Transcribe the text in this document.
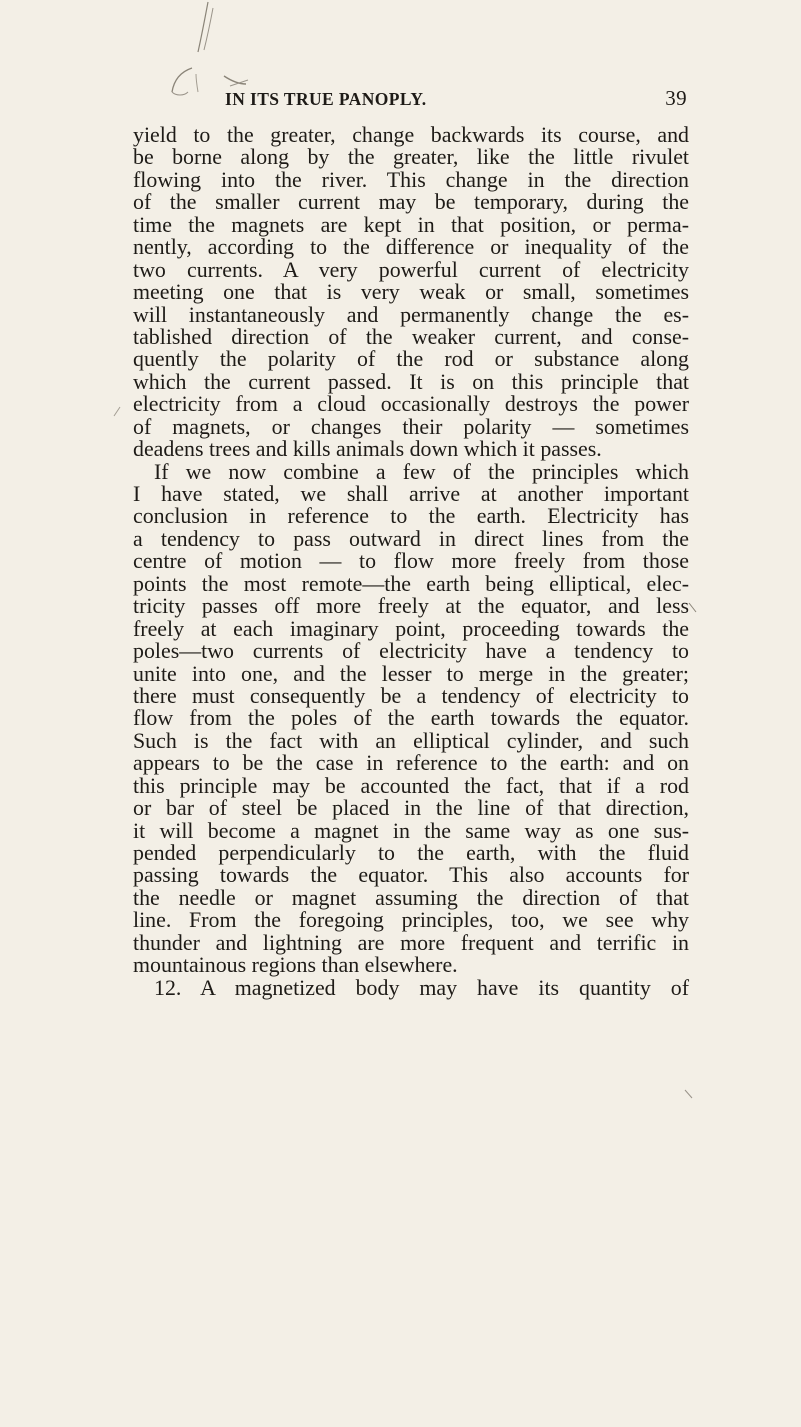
IN ITS TRUE PANOPLY.	39
yield to the greater, change backwards its course, and
be borne along by the greater, like the little rivulet
flowing into the river. This change in the direction
of the smaller current may be temporary, during the
time the magnets are kept in that position, or perma-
nently, according to the difference or inequality of the
two currents. A very powerful current of electricity
meeting one that is very weak or small, sometimes
will instantaneously and permanently change the es-
tablished direction of the weaker current, and conse-
quently the polarity of the rod or substance along
which the current passed. It is on this principle that
electricity from a cloud occasionally destroys the power
of magnets, or changes their polarity — sometimes
deadens trees and kills animals down which it passes.
If we now combine a few of the principles which
I have stated, we shall arrive at another important
conclusion in reference to the earth. Electricity has
a tendency to pass outward in direct lines from the
centre of motion — to flow more freely from those
points the most remote—the earth being elliptical, elec-
tricity passes off more freely at the equator, and less
freely at each imaginary point, proceeding towards the
poles—two currents of electricity have a tendency to
unite into one, and the lesser to merge in the greater;
there must consequently be a tendency of electricity to
flow from the poles of the earth towards the equator.
Such is the fact with an elliptical cylinder, and such
appears to be the case in reference to the earth: and on
this principle may be accounted the fact, that if a rod
or bar of steel be placed in the line of that direction,
it will become a magnet in the same way as one sus-
pended perpendicularly to the earth, with the fluid
passing towards the equator. This also accounts for
the needle or magnet assuming the direction of that
line. From the foregoing principles, too, we see why
thunder and lightning are more frequent and terrific in
mountainous regions than elsewhere.
12. A magnetized body may have its quantity of
